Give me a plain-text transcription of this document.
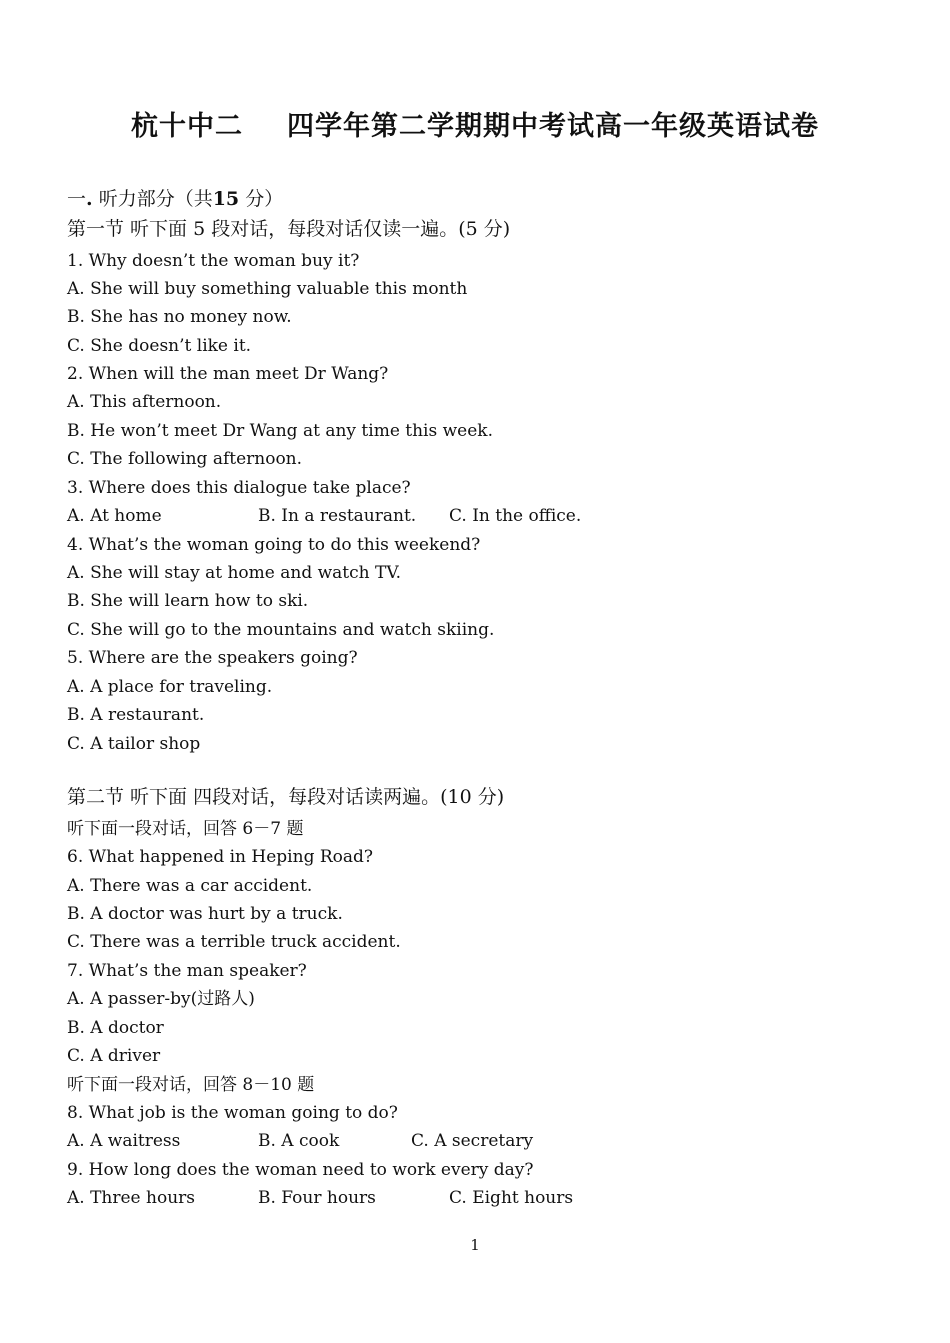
杭十中二 四学年第二学期期中考试高一年级英语试卷
一. 听力部分（共15 分）
第一节 听下面 5 段对话，每段对话仅读一遍。(5 分)
1. Why doesn’t the woman buy it?
A. She will buy something valuable this month
B. She has no money now.
C. She doesn’t like it.
2. When will the man meet Dr Wang?
A. This afternoon.
B. He won’t meet Dr Wang at any time this week.
C. The following afternoon.
3. Where does this dialogue take place?
A. At home	B. In a restaurant. C. In the office.
4. What’s the woman going to do this weekend?
A. She will stay at home and watch TV.
B. She will learn how to ski.
C. She will go to the mountains and watch skiing.
5. Where are the speakers going?
A. A place for traveling.
B. A restaurant.
C. A tailor shop
第二节 听下面 四段对话，每段对话读两遍。(10 分)
听下面一段对话，回答 6－7 题
6. What happened in Heping Road?
A. There was a car accident.
B. A doctor was hurt by a truck.
C. There was a terrible truck accident.
7. What’s the man speaker?
A. A passer-by(过路人)
B. A doctor
C. A driver
听下面一段对话，回答 8－10 题
8. What job is the woman going to do?
A. A waitress	B. A cook	C. A secretary
9. How long does the woman need to work every day?
A. Three hours	B. Four hours	C. Eight hours
1
